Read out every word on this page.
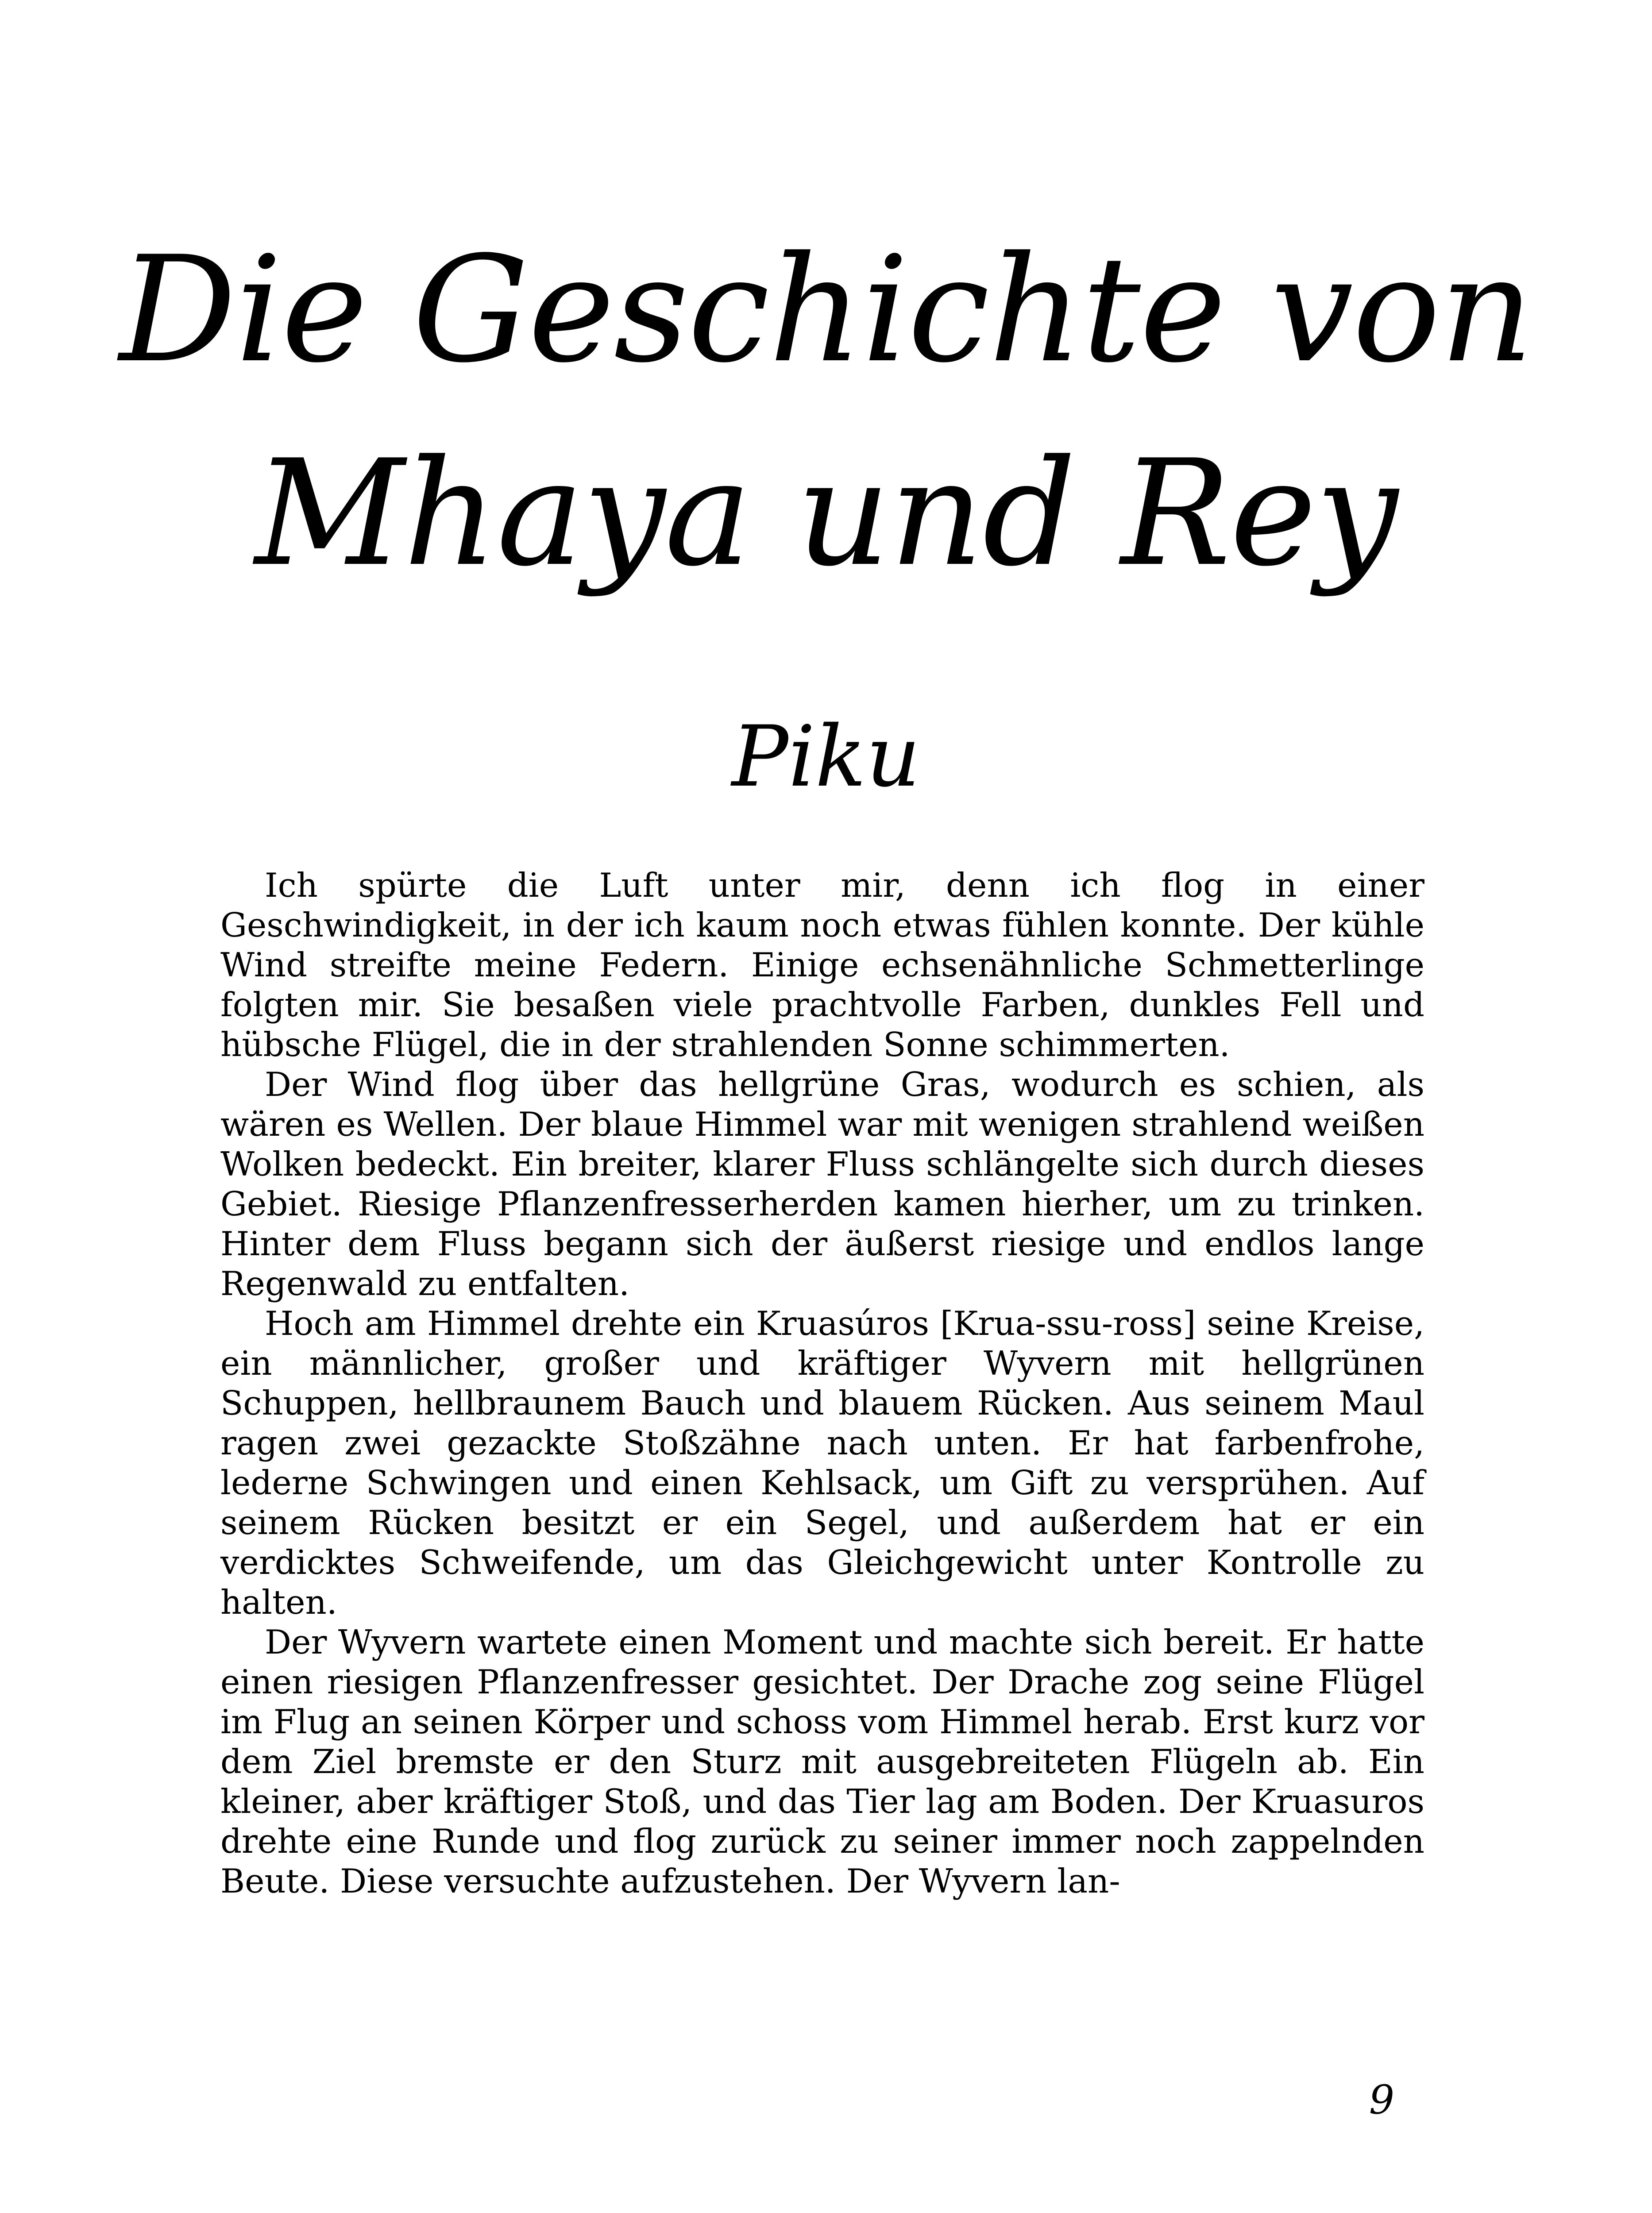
Die Geschichte von
Mhaya und Rey
Piku

Ich spürte die Luft unter mir, denn ich flog in einer Geschwindigkeit, in der ich kaum noch etwas fühlen konnte. Der kühle Wind streifte meine Federn. Einige echsenähnliche Schmetterlinge folgten mir. Sie besaßen viele prachtvolle Farben, dunkles Fell und hübsche Flügel, die in der strahlenden Sonne schimmerten.

Der Wind flog über das hellgrüne Gras, wodurch es schien, als wären es Wellen. Der blaue Himmel war mit wenigen strahlend weißen Wolken bedeckt. Ein breiter, klarer Fluss schlängelte sich durch dieses Gebiet. Riesige Pflanzenfresserherden kamen hierher, um zu trinken. Hinter dem Fluss begann sich der äußerst riesige und endlos lange Regenwald zu entfalten.

Hoch am Himmel drehte ein Kruasúros [Krua-ssu-ross] seine Kreise, ein männlicher, großer und kräftiger Wyvern mit hellgrünen Schuppen, hellbraunem Bauch und blauem Rücken. Aus seinem Maul ragen zwei gezackte Stoßzähne nach unten. Er hat farbenfrohe, lederne Schwingen und einen Kehlsack, um Gift zu versprühen. Auf seinem Rücken besitzt er ein Segel, und außerdem hat er ein verdicktes Schweifende, um das Gleichgewicht unter Kontrolle zu halten.

Der Wyvern wartete einen Moment und machte sich bereit. Er hatte einen riesigen Pflanzenfresser gesichtet. Der Drache zog seine Flügel im Flug an seinen Körper und schoss vom Himmel herab. Erst kurz vor dem Ziel bremste er den Sturz mit ausgebreiteten Flügeln ab. Ein kleiner, aber kräftiger Stoß, und das Tier lag am Boden. Der Kruasuros drehte eine Runde und flog zurück zu seiner immer noch zappelnden Beute. Diese versuchte aufzustehen. Der Wyvern lan-

9
